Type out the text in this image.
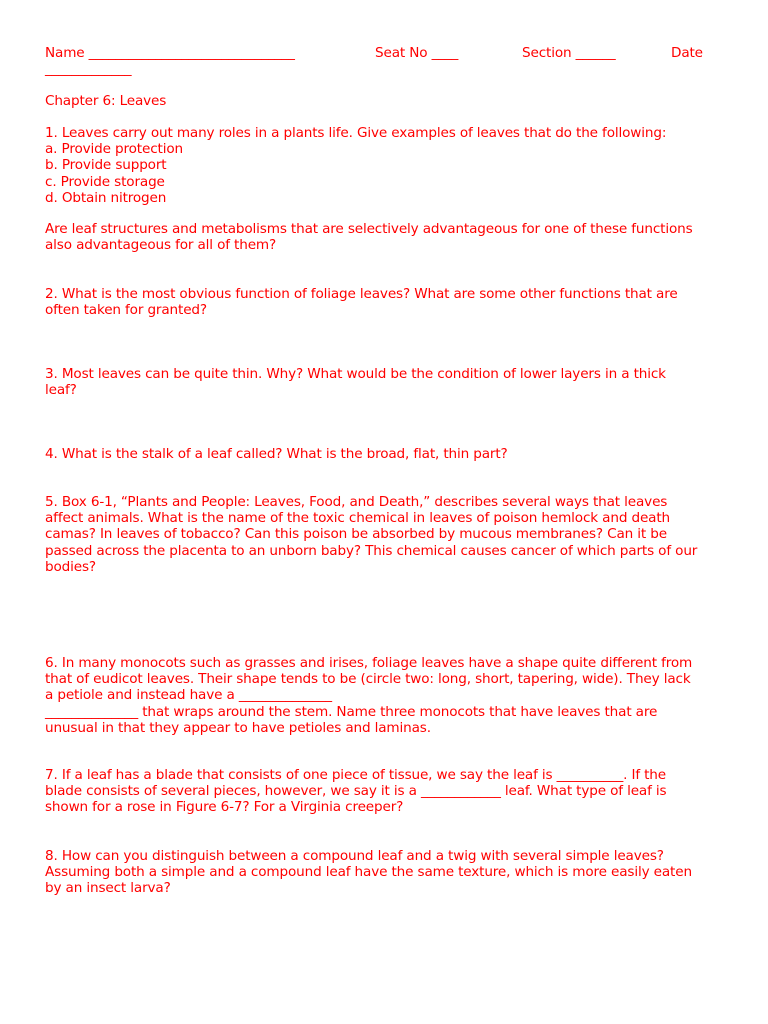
Name _______________________________	Seat No ____	Section ______	Date

_____________

Chapter 6: Leaves

1. Leaves carry out many roles in a plants life. Give examples of leaves that do the following:

a. Provide protection

b. Provide support

c. Provide storage

d. Obtain nitrogen

Are leaf structures and metabolisms that are selectively advantageous for one of these functions

also advantageous for all of them?

2. What is the most obvious function of foliage leaves? What are some other functions that are

often taken for granted?

3. Most leaves can be quite thin. Why? What would be the condition of lower layers in a thick

leaf?

4. What is the stalk of a leaf called? What is the broad, flat, thin part?

5. Box 6-1, “Plants and People: Leaves, Food, and Death,” describes several ways that leaves

affect animals. What is the name of the toxic chemical in leaves of poison hemlock and death

camas? In leaves of tobacco? Can this poison be absorbed by mucous membranes? Can it be

passed across the placenta to an unborn baby? This chemical causes cancer of which parts of our

bodies?

6. In many monocots such as grasses and irises, foliage leaves have a shape quite different from

that of eudicot leaves. Their shape tends to be (circle two: long, short, tapering, wide). They lack

a petiole and instead have a ______________

______________ that wraps around the stem. Name three monocots that have leaves that are

unusual in that they appear to have petioles and laminas.

7. If a leaf has a blade that consists of one piece of tissue, we say the leaf is __________. If the

blade consists of several pieces, however, we say it is a ____________ leaf. What type of leaf is

shown for a rose in Figure 6-7? For a Virginia creeper?

8. How can you distinguish between a compound leaf and a twig with several simple leaves?

Assuming both a simple and a compound leaf have the same texture, which is more easily eaten

by an insect larva?
